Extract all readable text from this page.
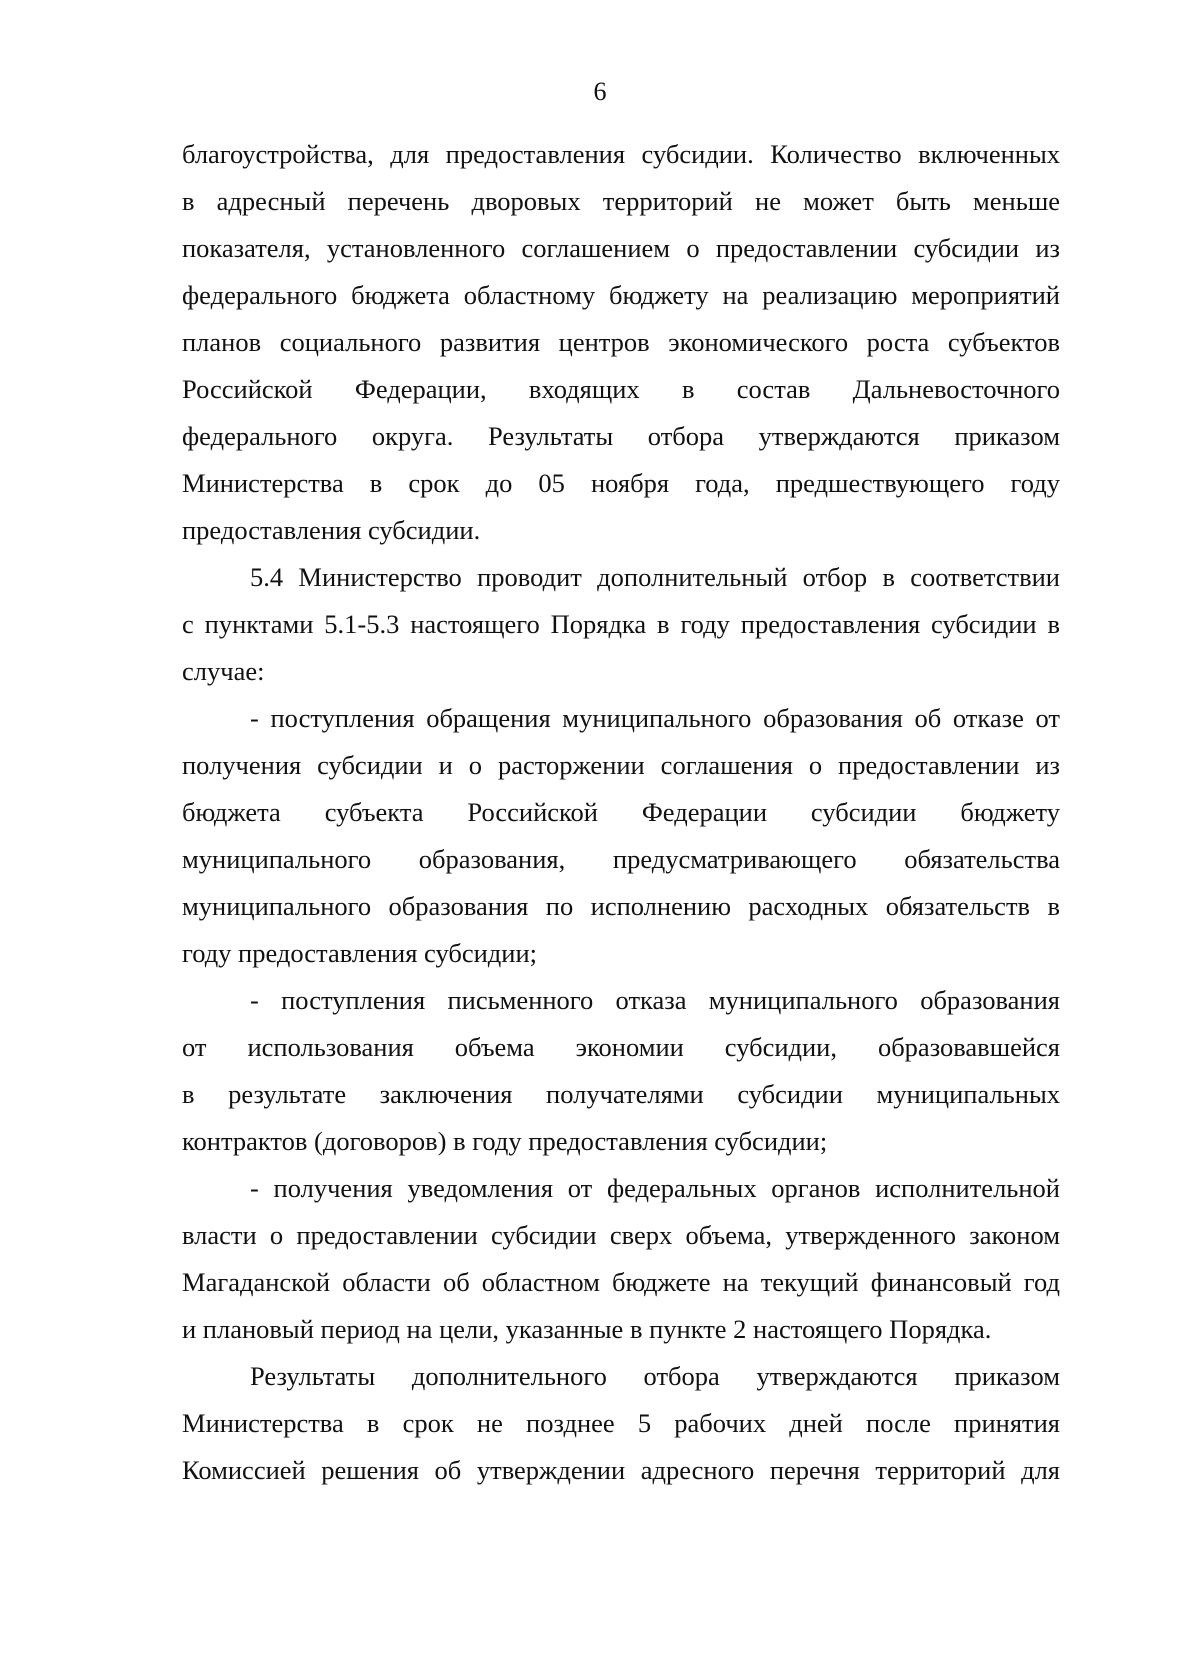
6
благоустройства, для предоставления субсидии. Количество включенных
в адресный перечень дворовых территорий не может быть меньше
показателя, установленного соглашением о предоставлении субсидии из
федерального бюджета областному бюджету на реализацию мероприятий
планов социального развития центров экономического роста субъектов
Российской Федерации, входящих в состав Дальневосточного
федерального округа. Результаты отбора утверждаются приказом
Министерства в срок до 05 ноября года, предшествующего году
предоставления субсидии.
5.4 Министерство проводит дополнительный отбор в соответствии
с пунктами 5.1-5.3 настоящего Порядка в году предоставления субсидии в
случае:
- поступления обращения муниципального образования об отказе от
получения субсидии и о расторжении соглашения о предоставлении из
бюджета субъекта Российской Федерации субсидии бюджету
муниципального образования, предусматривающего обязательства
муниципального образования по исполнению расходных обязательств в
году предоставления субсидии;
- поступления письменного отказа муниципального образования
от использования объема экономии субсидии, образовавшейся
в результате заключения получателями субсидии муниципальных
контрактов (договоров) в году предоставления субсидии;
- получения уведомления от федеральных органов исполнительной
власти о предоставлении субсидии сверх объема, утвержденного законом
Магаданской области об областном бюджете на текущий финансовый год
и плановый период на цели, указанные в пункте 2 настоящего Порядка.
Результаты дополнительного отбора утверждаются приказом
Министерства в срок не позднее 5 рабочих дней после принятия
Комиссией решения об утверждении адресного перечня территорий для
